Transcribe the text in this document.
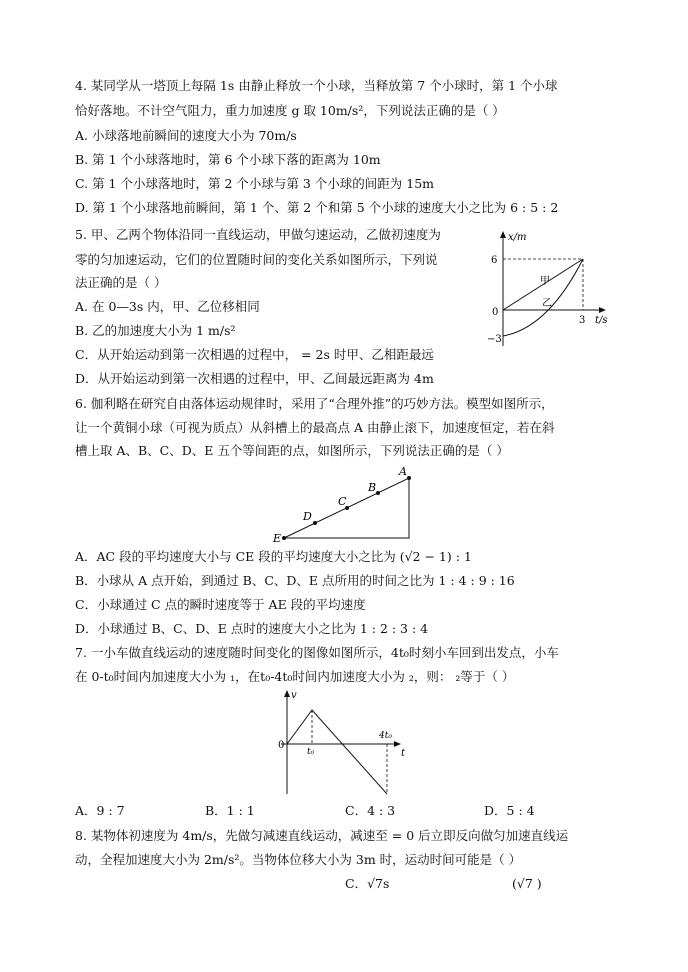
4. 某同学从一塔顶上每隔 1s 由静止释放一个小球，当释放第 7 个小球时，第 1 个小球
恰好落地。不计空气阻力，重力加速度 g 取 10m/s²，下列说法正确的是（ ）
A. 小球落地前瞬间的速度大小为 70m/s
B. 第 1 个小球落地时，第 6 个小球下落的距离为 10m
C. 第 1 个小球落地时，第 2 个小球与第 3 个小球的间距为 15m
D. 第 1 个小球落地前瞬间，第 1 个、第 2 个和第 5 个小球的速度大小之比为 6 : 5 : 2
5. 甲、乙两个物体沿同一直线运动，甲做匀速运动，乙做初速度为
零的匀加速运动，它们的位置随时间的变化关系如图所示，下列说
法正确的是（ ）
A. 在 0—3s 内，甲、乙位移相同
B. 乙的加速度大小为 1 m/s²
C．从开始运动到第一次相遇的过程中， = 2s 时甲、乙相距最远
D．从开始运动到第一次相遇的过程中，甲、乙间最远距离为 4m
x/m
t/s
6
0
−3
3
甲
乙
6. 伽利略在研究自由落体运动规律时，采用了“合理外推”的巧妙方法。模型如图所示，
让一个黄铜小球（可视为质点）从斜槽上的最高点 A 由静止滚下，加速度恒定，若在斜
槽上取 A、B、C、D、E 五个等间距的点，如图所示，下列说法正确的是（ ）
A
B
C
D
E
A．AC 段的平均速度大小与 CE 段的平均速度大小之比为 (√2 − 1) : 1
B．小球从 A 点开始，到通过 B、C、D、E 点所用的时间之比为 1 : 4 : 9 : 16
C．小球通过 C 点的瞬时速度等于 AE 段的平均速度
D．小球通过 B、C、D、E 点时的速度大小之比为 1 : 2 : 3 : 4
7. 一小车做直线运动的速度随时间变化的图像如图所示，4t₀时刻小车回到出发点，小车
在 0-t₀时间内加速度大小为 ₁，在t₀-4t₀时间内加速度大小为 ₂，则： ₂等于（ ）
v
t
0
t₀
4t₀
A．9 : 7	B．1 : 1	C．4 : 3	D．5 : 4
8. 某物体初速度为 4m/s，先做匀减速直线运动，减速至 = 0 后立即反向做匀加速直线运
动，全程加速度大小为 2m/s²。当物体位移大小为 3m 时，运动时间可能是（ ）
C．√7s	(√7 )
